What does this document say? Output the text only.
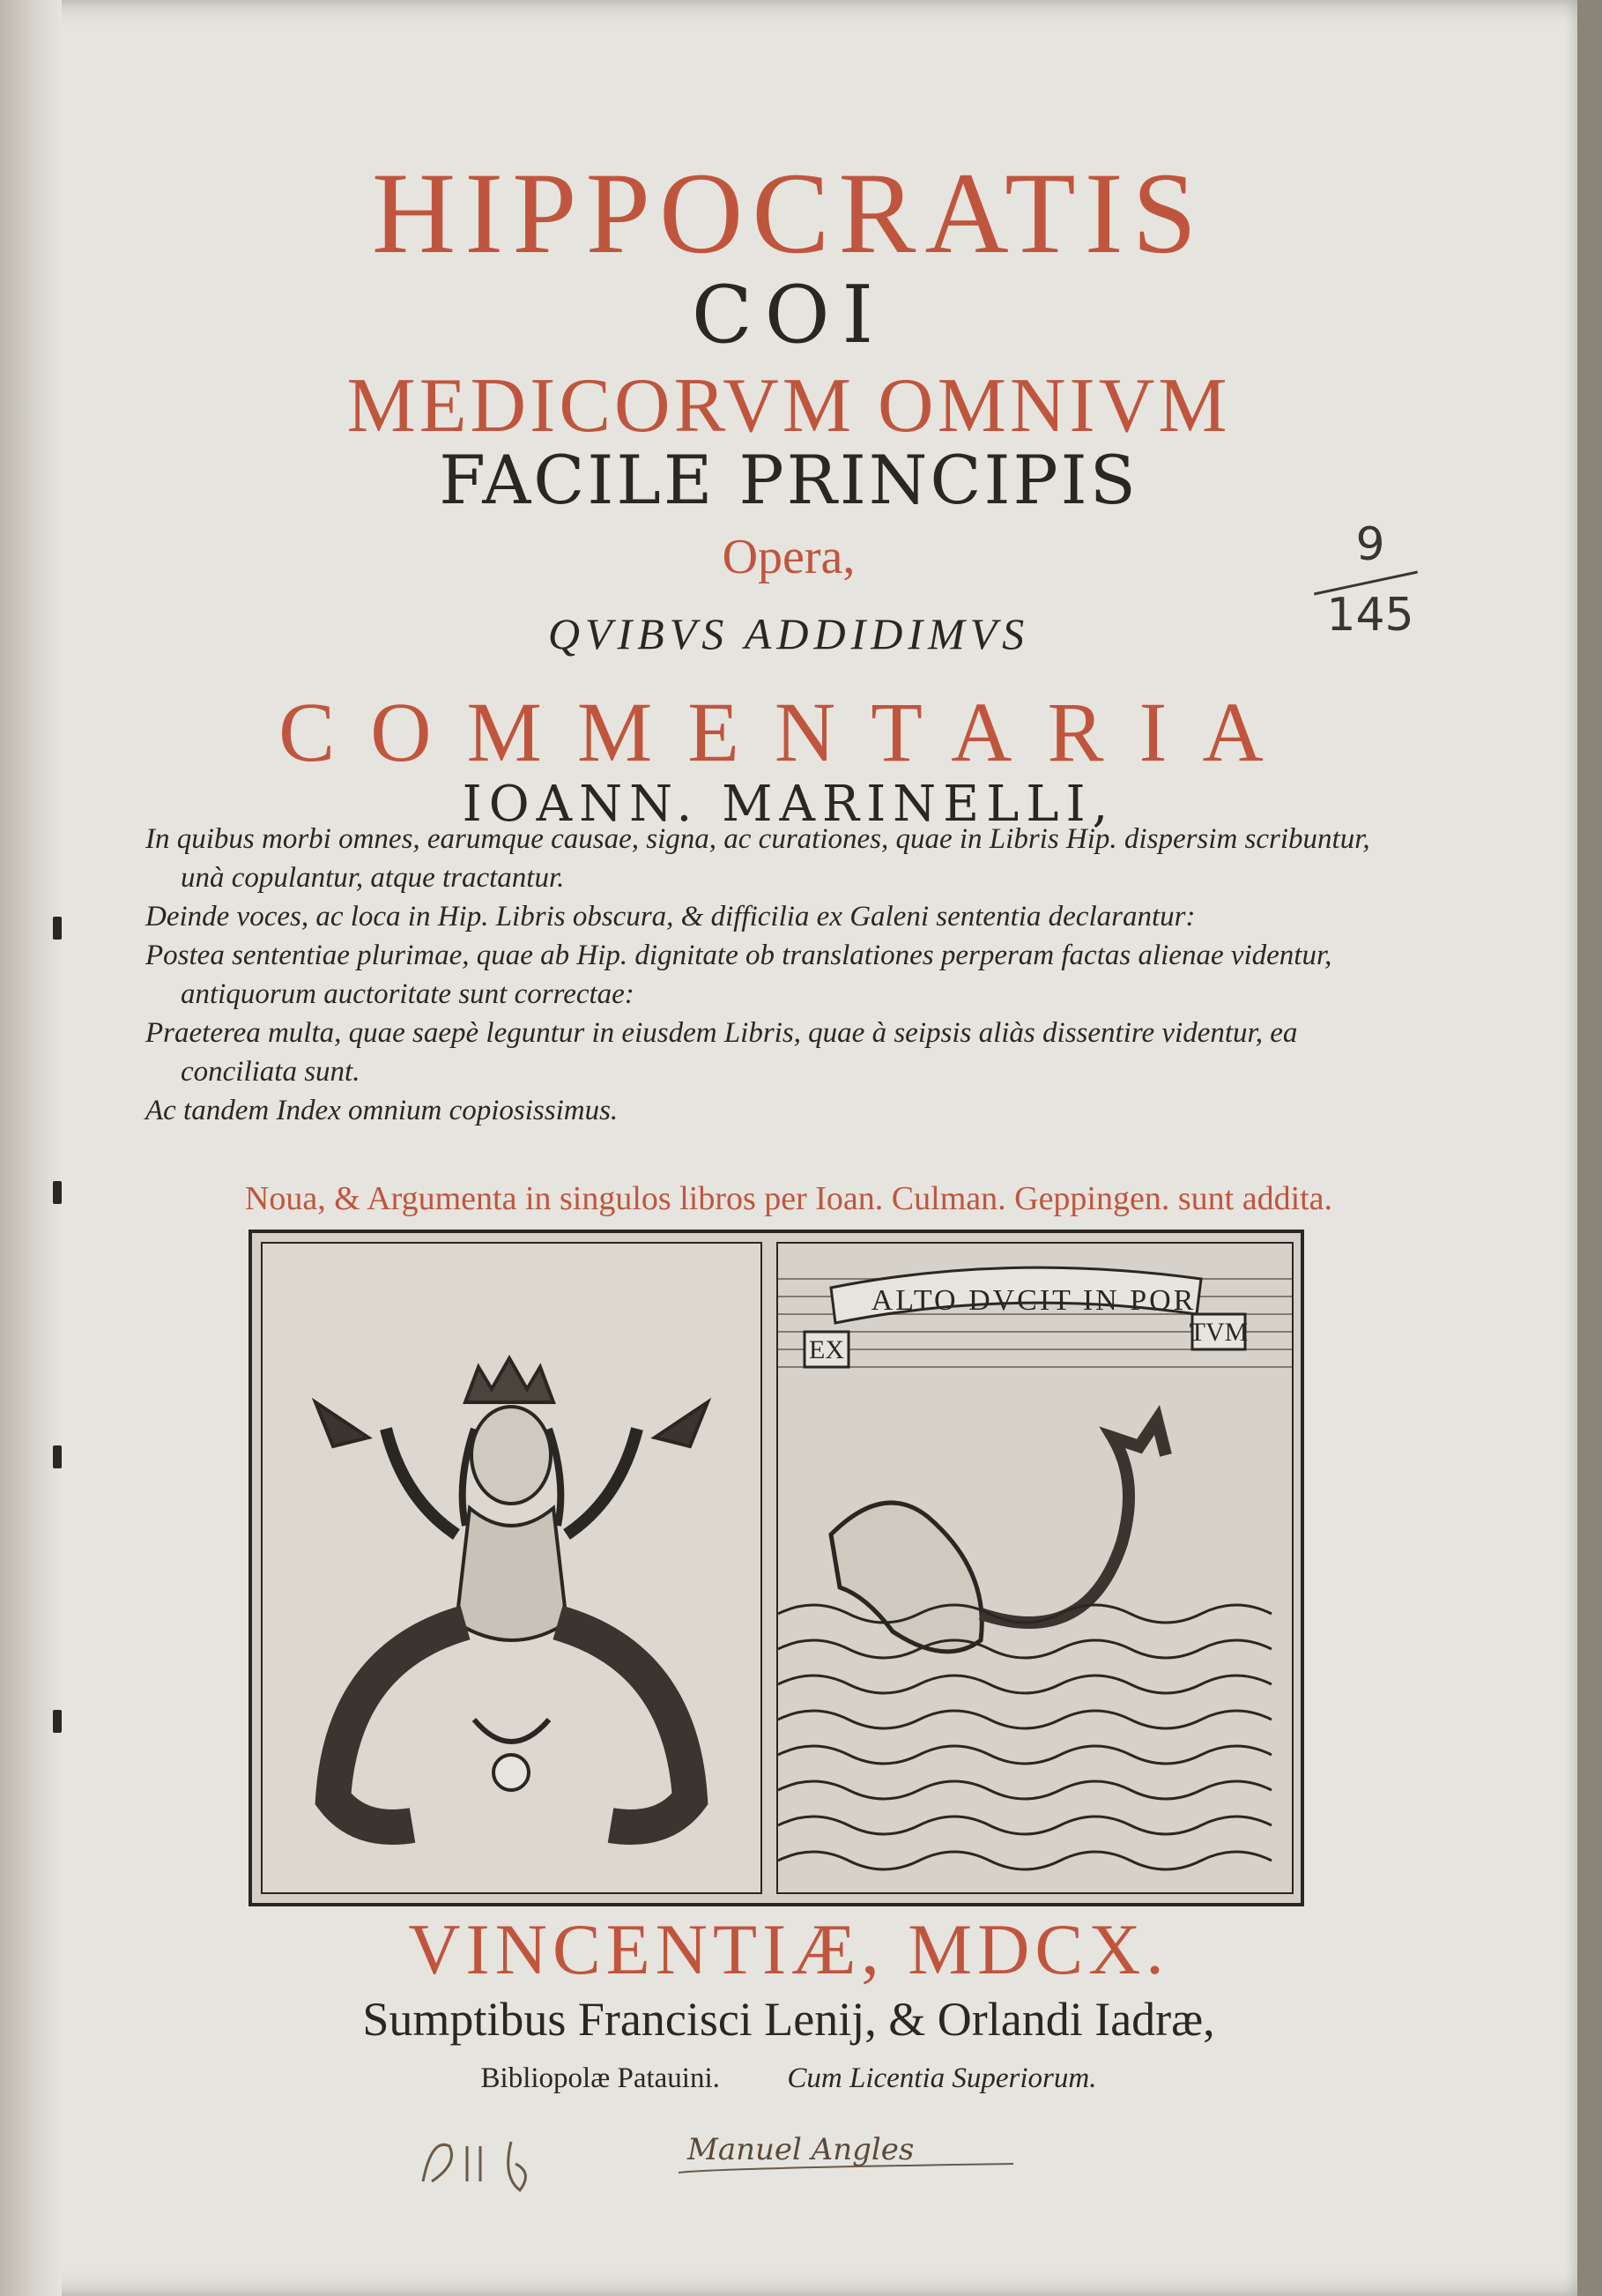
HIPPOCRATIS
COI
MEDICORVM OMNIVM
FACILE PRINCIPIS
Opera,
QVIBVS ADDIDIMVS
COMMENTARIA
IOANN. MARINELLI,
9
145

In quibus morbi omnes, earumque causae, signa, ac curationes, quae in Libris Hip. dispersim scribuntur, unà copulantur, atque tractantur.

Deinde voces, ac loca in Hip. Libris obscura, & difficilia ex Galeni sententia declarantur:

Postea sententiae plurimae, quae ab Hip. dignitate ob translationes perperam factas alienae videntur, antiquorum auctoritate sunt correctae:

Praeterea multa, quae saepè leguntur in eiusdem Libris, quae à seipsis aliàs dissentire videntur, ea conciliata sunt.

Ac tandem Index omnium copiosissimus.

Noua, & Argumenta in singulos libros per Ioan. Culman. Geppingen. sunt addita.
ALTO DVCIT IN POR
EX
TVM
VINCENTIÆ, MDCX.
Sumptibus Francisci Lenij, & Orlandi Iadræ,
Bibliopolæ Patauini. Cum Licentia Superiorum.
Manuel Angles
